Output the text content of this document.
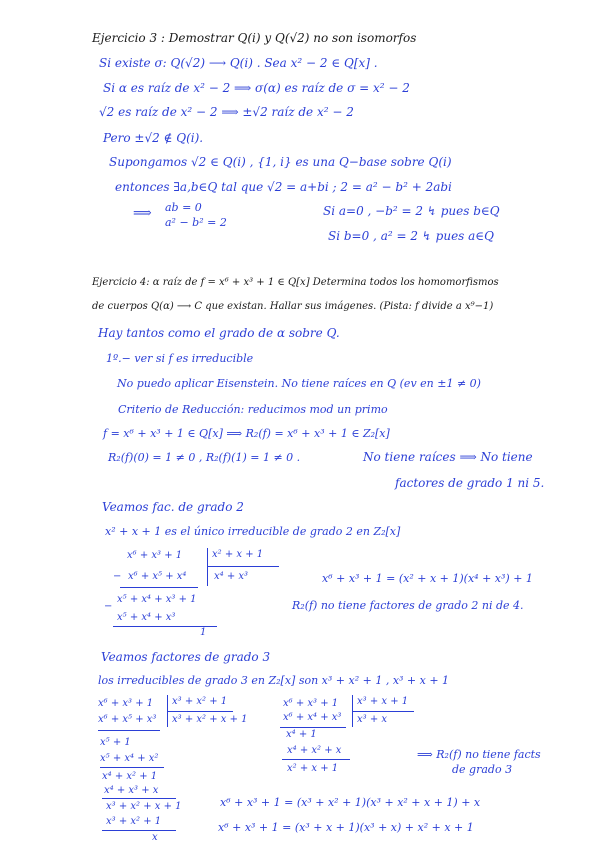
Ejercicio 3 : Demostrar Q(i) y Q(√2) no son isomorfos
Si existe σ: Q(√2) ⟶ Q(i) . Sea x² − 2 ∈ Q[x] .
Si α es raíz de x² − 2 ⟹ σ(α) es raíz de σ = x² − 2
√2 es raíz de x² − 2 ⟹ ±√2 raíz de x² − 2
Pero ±√2 ∉ Q(i).
Supongamos √2 ∈ Q(i) , {1, i} es una Q−base sobre Q(i)
entonces ∃a,b∈Q tal que √2 = a+bi ; 2 = a² − b² + 2abi
⟹ ab = 0
a² − b² = 2
Si a=0 , −b² = 2 ↯ pues b∈Q
Si b=0 , a² = 2 ↯ pues a∈Q
Ejercicio 4: α raíz de f = x⁶ + x³ + 1 ∈ Q[x] Determina todos los homomorfismos
de cuerpos Q(α) ⟶ C que existan. Hallar sus imágenes. (Pista: f divide a x⁹−1)
Hay tantos como el grado de α sobre Q.
1º.− ver si f es irreducible
No puedo aplicar Eisenstein. No tiene raíces en Q (ev en ±1 ≠ 0)
Criterio de Reducción: reducimos mod un primo
f = x⁶ + x³ + 1 ∈ Q[x] ⟹ R₂(f) = x⁶ + x³ + 1 ∈ Z₂[x]
R₂(f)(0) = 1 ≠ 0 , R₂(f)(1) = 1 ≠ 0 .	No tiene raíces ⟹ No tiene
factores de grado 1 ni 5.
Veamos fac. de grado 2
x² + x + 1 es el único irreducible de grado 2 en Z₂[x]
−
−
x⁶ + x³ + 1	x² + x + 1
x⁶ + x⁵ + x⁴	x⁴ + x³
x⁵ + x⁴ + x³ + 1
x⁵ + x⁴ + x³
1
x⁶ + x³ + 1 = (x² + x + 1)(x⁴ + x³) + 1
R₂(f) no tiene factores de grado 2 ni de 4.
Veamos factores de grado 3
los irreducibles de grado 3 en Z₂[x] son x³ + x² + 1 , x³ + x + 1
x⁶ + x³ + 1 x³ + x² + 1
x³ + x² + x + 1
x⁶ + x⁵ + x³
x⁵ + 1
x⁵ + x⁴ + x²
x⁴ + x² + 1
x⁴ + x³ + x
x³ + x² + x + 1
x³ + x² + 1
x
x⁶ + x³ + 1 x³ + x + 1
x³ + x
x⁶ + x⁴ + x³
x⁴ + 1
x⁴ + x² + x
x² + x + 1
⟹ R₂(f) no tiene facts
de grado 3
x⁶ + x³ + 1 = (x³ + x² + 1)(x³ + x² + x + 1) + x
x⁶ + x³ + 1 = (x³ + x + 1)(x³ + x) + x² + x + 1
